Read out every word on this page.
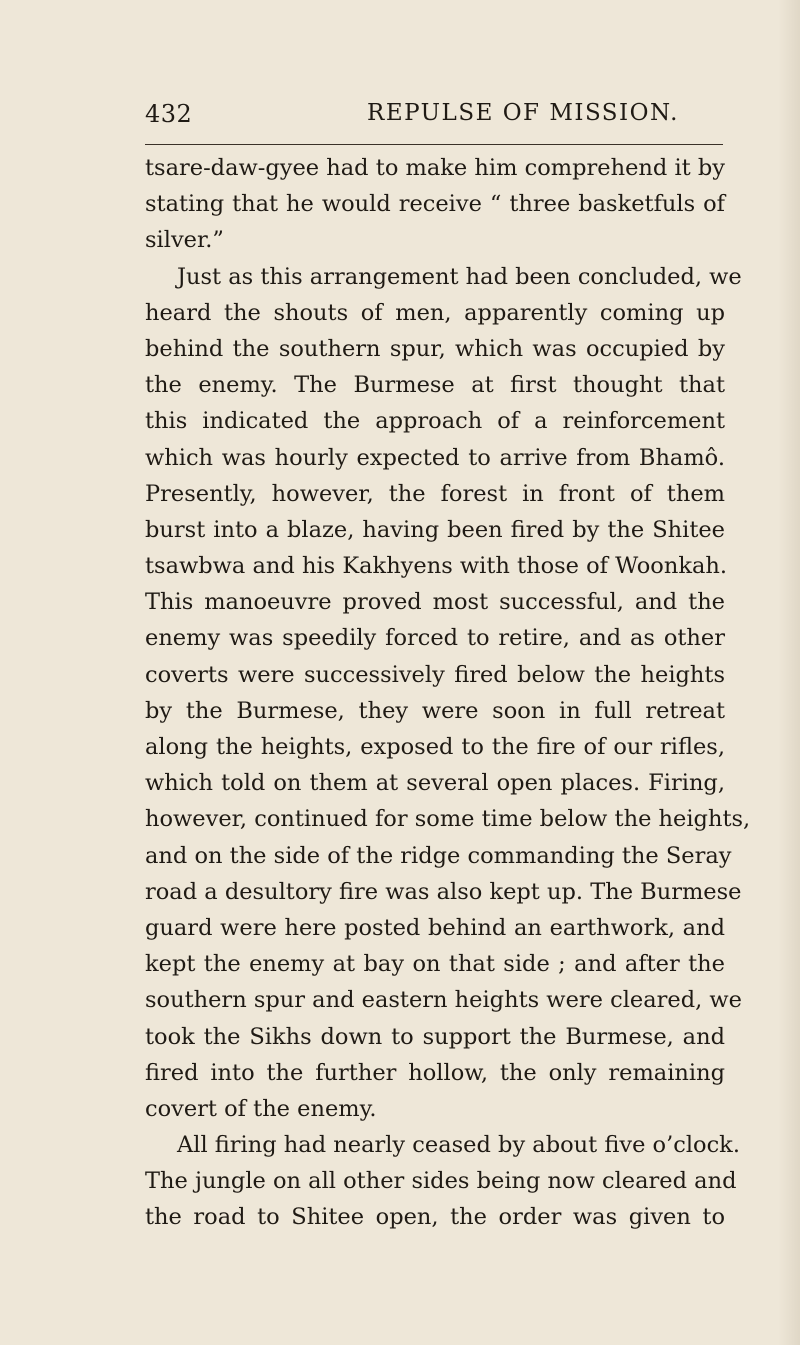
432	REPULSE OF MISSION.
tsare-daw-gyee had to make him comprehend it by
stating that he would receive “ three basketfuls of
silver.”
Just as this arrangement had been concluded, we
heard the shouts of men, apparently coming up
behind the southern spur, which was occupied by
the enemy. The Burmese at first thought that
this indicated the approach of a reinforcement
which was hourly expected to arrive from Bhamô.
Presently, however, the forest in front of them
burst into a blaze, having been fired by the Shitee
tsawbwa and his Kakhyens with those of Woonkah.
This manoeuvre proved most successful, and the
enemy was speedily forced to retire, and as other
coverts were successively fired below the heights
by the Burmese, they were soon in full retreat
along the heights, exposed to the fire of our rifles,
which told on them at several open places. Firing,
however, continued for some time below the heights,
and on the side of the ridge commanding the Seray
road a desultory fire was also kept up. The Burmese
guard were here posted behind an earthwork, and
kept the enemy at bay on that side ; and after the
southern spur and eastern heights were cleared, we
took the Sikhs down to support the Burmese, and
fired into the further hollow, the only remaining
covert of the enemy.
All firing had nearly ceased by about five o’clock.
The jungle on all other sides being now cleared and
the road to Shitee open, the order was given to
